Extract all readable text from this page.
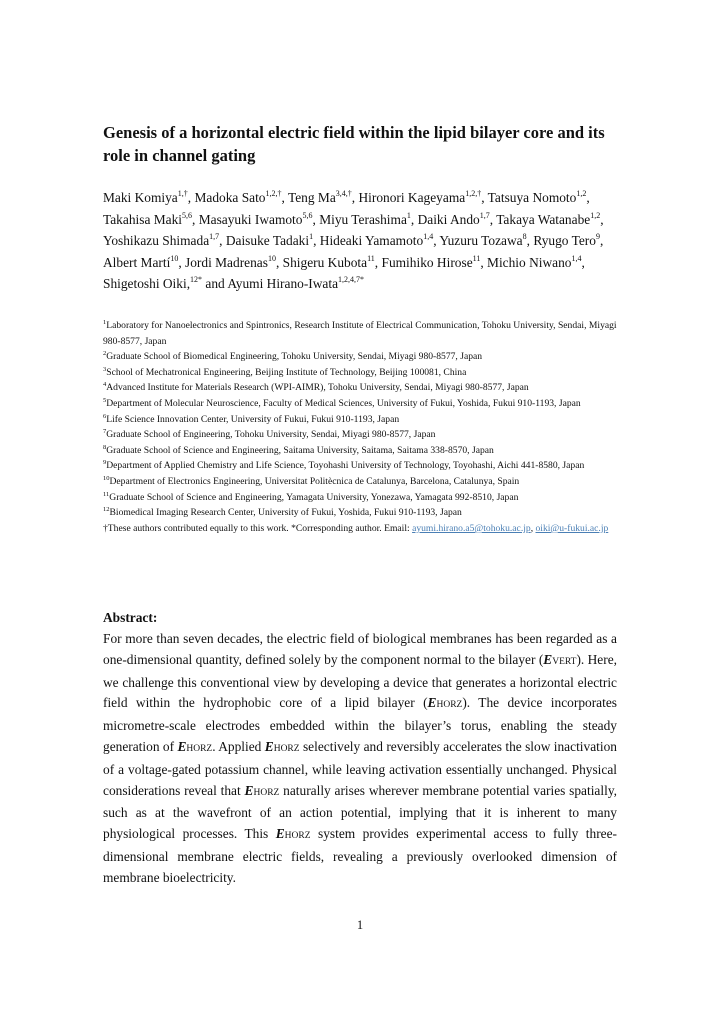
Genesis of a horizontal electric field within the lipid bilayer core and its role in channel gating
Maki Komiya$^{1,\dagger}$, Madoka Sato$^{1,2,\dagger}$, Teng $Ma^{3,4,\dagger}$, Hironori Kageyama$^{1,2,\dagger}$, Tatsuya Nomoto$^{1,2}$, Takahisa Maki$^{5,6}$, Masayuki Iwamoto$^{5,6}$, Miyu Terashima$^1$, Daiki Ando$^{1,7}$, Takaya Watanabe$^{1,2}$, Yoshikazu Shimada$^{1,7}$, Daisuke Tadaki$^1$, Hideaki Yamamoto$^{1,4}$, Yuzuru Tozawa$^8$, Ryugo Tero$^9$, Albert Martí$^{10}$, Jordi Madrenas$^{10}$, Shigeru Kubota$^{11}$, Fumihiko Hirose$^{11}$, Michio Niwano$^{1,4}$, Shigetoshi Oiki,$^{12*}$ and Ayumi Hirano-Iwata$^{1,2,4,7*}$
$^1$Laboratory for Nanoelectronics and Spintronics, Research Institute of Electrical Communication, Tohoku University, Sendai, Miyagi 980-8577, Japan
$^2$Graduate School of Biomedical Engineering, Tohoku University, Sendai, Miyagi 980-8577, Japan
$^3$School of Mechatronical Engineering, Beijing Institute of Technology, Beijing 100081, China
$^4$Advanced Institute for Materials Research (WPI-AIMR), Tohoku University, Sendai, Miyagi 980-8577, Japan
$^5$Department of Molecular Neuroscience, Faculty of Medical Sciences, University of Fukui, Yoshida, Fukui 910-1193, Japan
$^6$Life Science Innovation Center, University of Fukui, Fukui 910-1193, Japan
$^7$Graduate School of Engineering, Tohoku University, Sendai, Miyagi 980-8577, Japan
$^8$Graduate School of Science and Engineering, Saitama University, Saitama, Saitama 338-8570, Japan
$^9$Department of Applied Chemistry and Life Science, Toyohashi University of Technology, Toyohashi, Aichi 441-8580, Japan
$^{10}$Department of Electronics Engineering, Universitat Politècnica de Catalunya, Barcelona, Catalunya, Spain
$^{11}$Graduate School of Science and Engineering, Yamagata University, Yonezawa, Yamagata 992-8510, Japan
$^{12}$Biomedical Imaging Research Center, University of Fukui, Yoshida, Fukui 910-1193, Japan
†These authors contributed equally to this work. *Corresponding author. Email: ayumi.hirano.a5@tohoku.ac.jp, oiki@u-fukui.ac.jp
Abstract:
For more than seven decades, the electric field of biological membranes has been regarded as a one-dimensional quantity, defined solely by the component normal to the bilayer (EVERT). Here, we challenge this conventional view by developing a device that generates a horizontal electric field within the hydrophobic core of a lipid bilayer (EHORZ). The device incorporates micrometre-scale electrodes embedded within the bilayer’s torus, enabling the steady generation of EHORZ. Applied EHORZ selectively and reversibly accelerates the slow inactivation of a voltage-gated potassium channel, while leaving activation essentially unchanged. Physical considerations reveal that EHORZ naturally arises wherever membrane potential varies spatially, such as at the wavefront of an action potential, implying that it is inherent to many physiological processes. This EHORZ system provides experimental access to fully three-dimensional membrane electric fields, revealing a previously overlooked dimension of membrane bioelectricity.
1
